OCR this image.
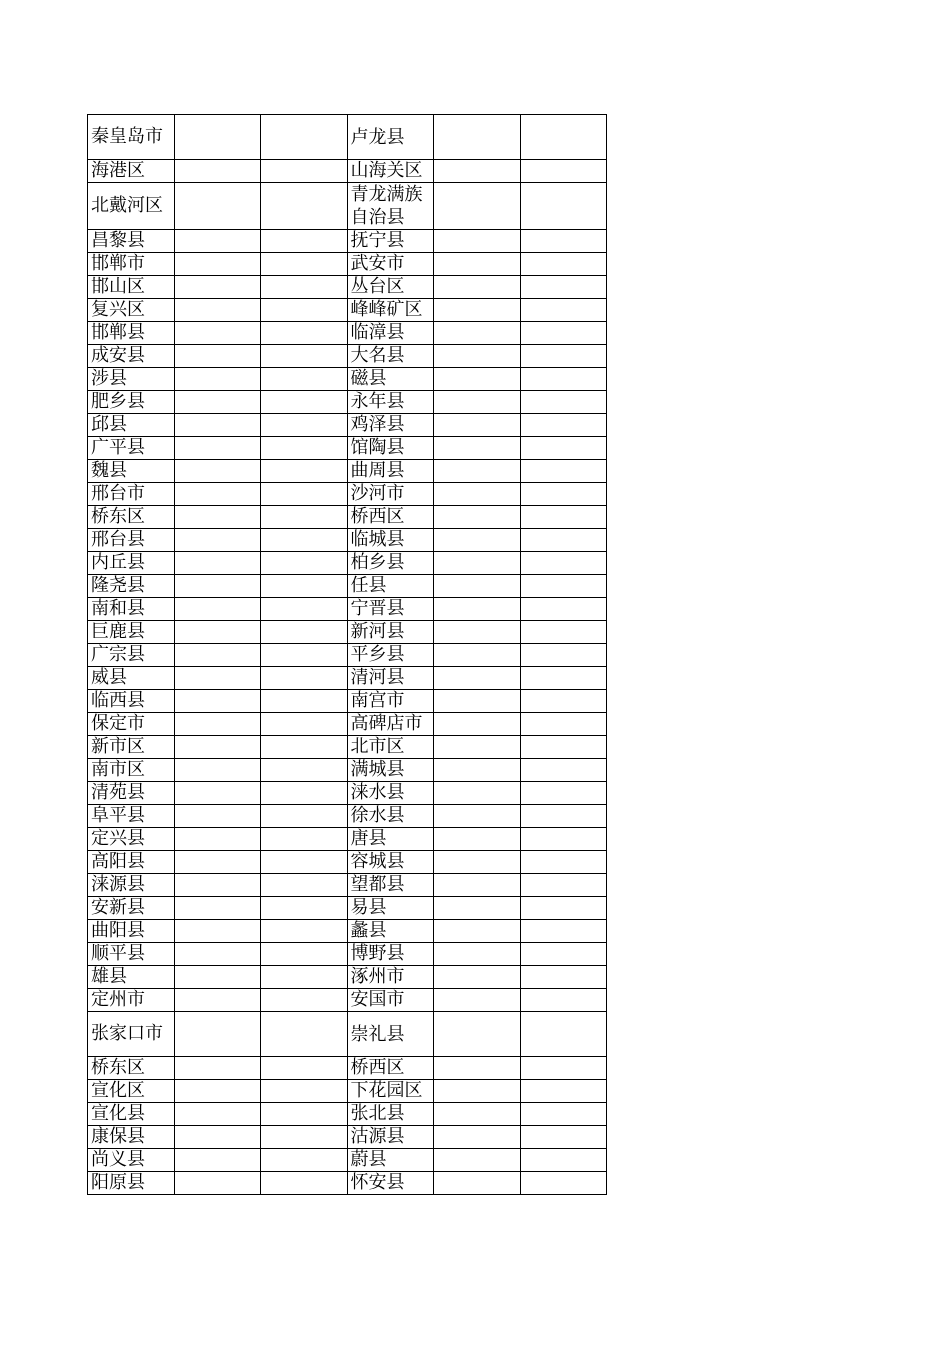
秦皇岛市			卢龙县		
海港区			山海关区		
北戴河区			青龙满族自治县		
昌黎县			抚宁县		
邯郸市			武安市		
邯山区			丛台区		
复兴区			峰峰矿区		
邯郸县			临漳县		
成安县			大名县		
涉县			磁县		
肥乡县			永年县		
邱县			鸡泽县		
广平县			馆陶县		
魏县			曲周县		
邢台市			沙河市		
桥东区			桥西区		
邢台县			临城县		
内丘县			柏乡县		
隆尧县			任县		
南和县			宁晋县		
巨鹿县			新河县		
广宗县			平乡县		
威县			清河县		
临西县			南宫市		
保定市			高碑店市		
新市区			北市区		
南市区			满城县		
清苑县			涞水县		
阜平县			徐水县		
定兴县			唐县		
高阳县			容城县		
涞源县			望都县		
安新县			易县		
曲阳县			蠡县		
顺平县			博野县		
雄县			涿州市		
定州市			安国市		
张家口市			崇礼县		
桥东区			桥西区		
宣化区			下花园区		
宣化县			张北县		
康保县			沽源县		
尚义县			蔚县		
阳原县			怀安县		
